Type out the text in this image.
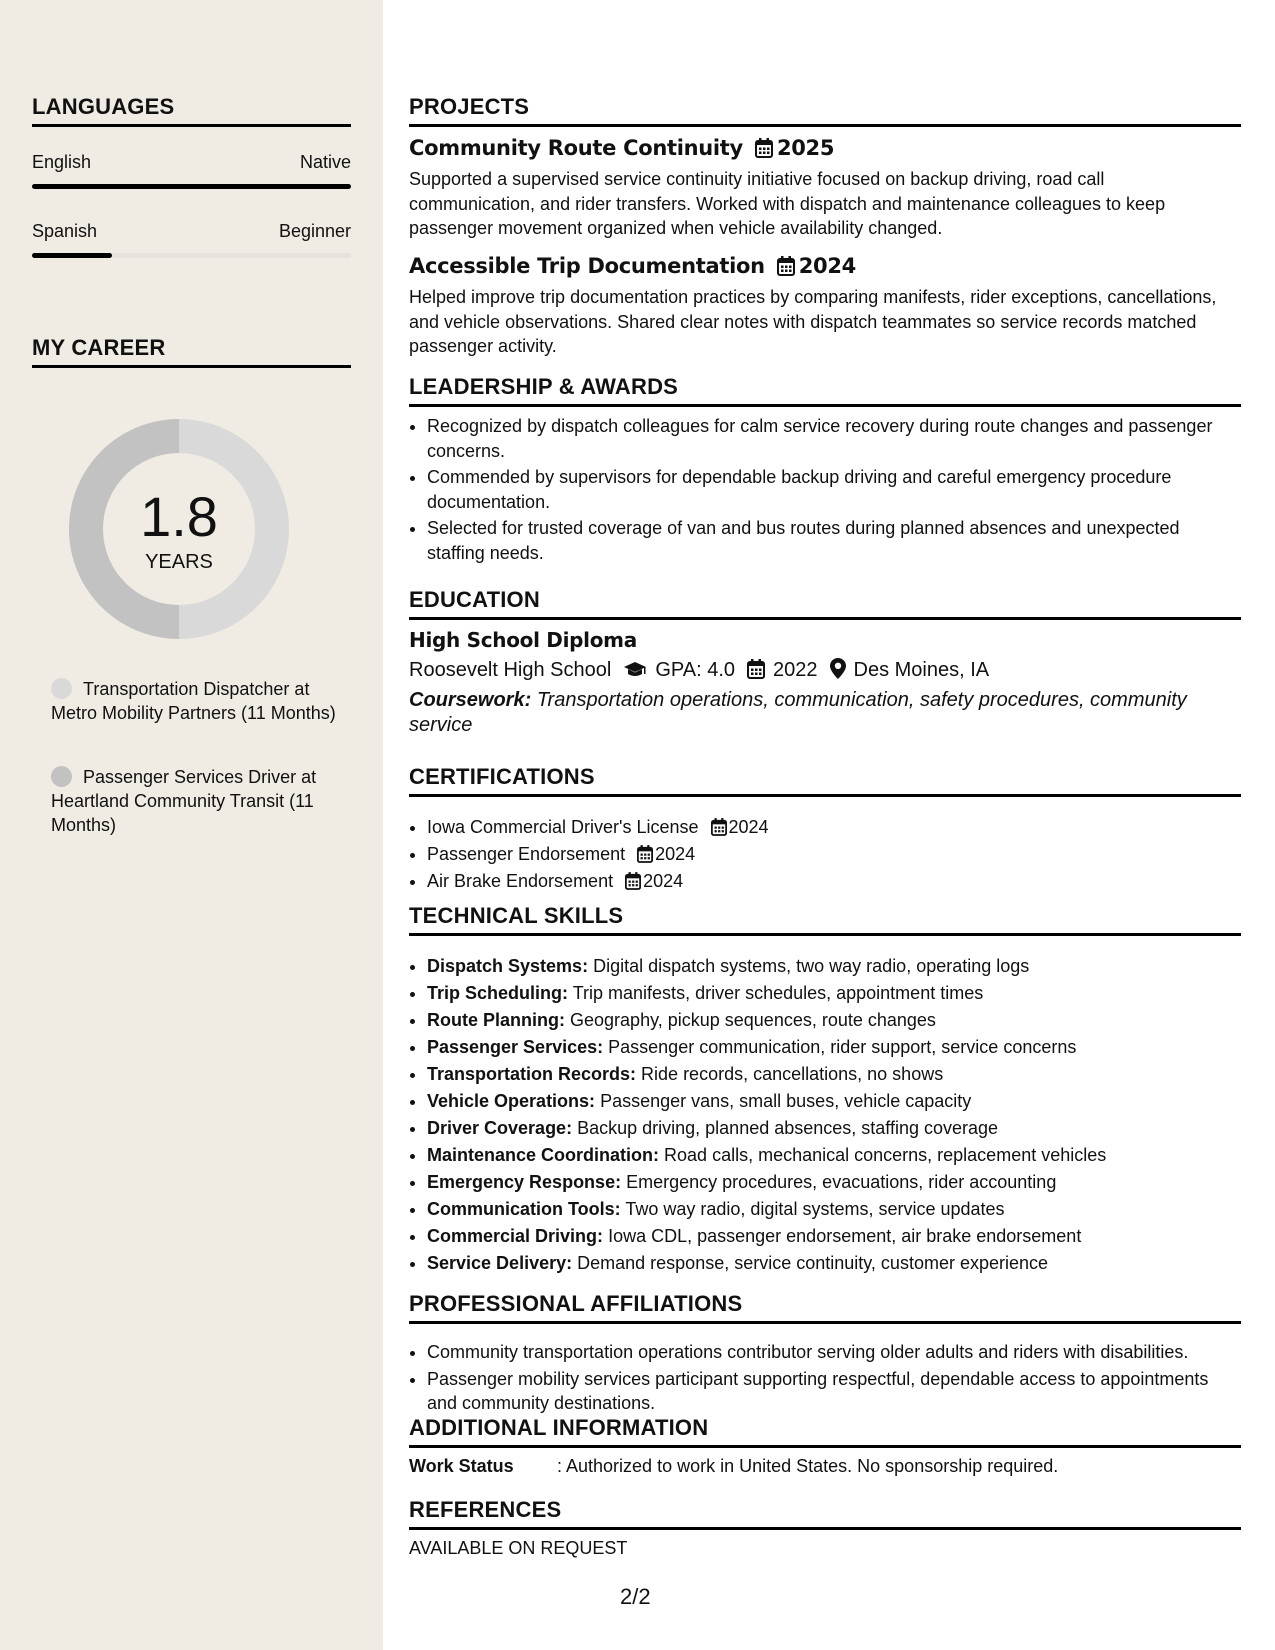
LANGUAGES
English	Native
Spanish	Beginner
MY CAREER
1.8
YEARS
Transportation Dispatcher at Metro Mobility Partners (11 Months)
Passenger Services Driver at Heartland Community Transit (11 Months)
PROJECTS
Community Route Continuity 2025
Supported a supervised service continuity initiative focused on backup driving, road call communication, and rider transfers. Worked with dispatch and maintenance colleagues to keep passenger movement organized when vehicle availability changed.
Accessible Trip Documentation 2024
Helped improve trip documentation practices by comparing manifests, rider exceptions, cancellations, and vehicle observations. Shared clear notes with dispatch teammates so service records matched passenger activity.
LEADERSHIP & AWARDS
• Recognized by dispatch colleagues for calm service recovery during route changes and passenger concerns.
• Commended by supervisors for dependable backup driving and careful emergency procedure documentation.
• Selected for trusted coverage of van and bus routes during planned absences and unexpected staffing needs.
EDUCATION
High School Diploma
Roosevelt High School GPA: 4.0 2022 Des Moines, IA
Coursework: Transportation operations, communication, safety procedures, community service
CERTIFICATIONS
• Iowa Commercial Driver's License 2024
• Passenger Endorsement 2024
• Air Brake Endorsement 2024
TECHNICAL SKILLS
• Dispatch Systems: Digital dispatch systems, two way radio, operating logs
• Trip Scheduling: Trip manifests, driver schedules, appointment times
• Route Planning: Geography, pickup sequences, route changes
• Passenger Services: Passenger communication, rider support, service concerns
• Transportation Records: Ride records, cancellations, no shows
• Vehicle Operations: Passenger vans, small buses, vehicle capacity
• Driver Coverage: Backup driving, planned absences, staffing coverage
• Maintenance Coordination: Road calls, mechanical concerns, replacement vehicles
• Emergency Response: Emergency procedures, evacuations, rider accounting
• Communication Tools: Two way radio, digital systems, service updates
• Commercial Driving: Iowa CDL, passenger endorsement, air brake endorsement
• Service Delivery: Demand response, service continuity, customer experience
PROFESSIONAL AFFILIATIONS
• Community transportation operations contributor serving older adults and riders with disabilities.
• Passenger mobility services participant supporting respectful, dependable access to appointments and community destinations.
ADDITIONAL INFORMATION
Work Status : Authorized to work in United States. No sponsorship required.
REFERENCES
AVAILABLE ON REQUEST
2/2
